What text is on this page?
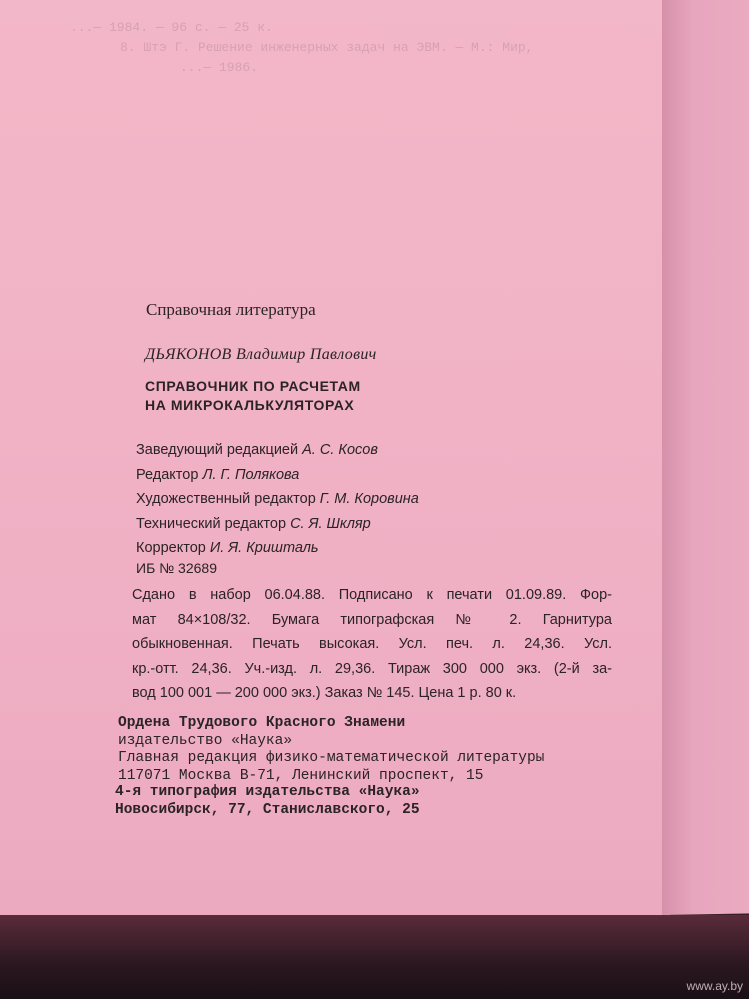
...— 1984. — 96 с. — 25 к.
8. Штэ Г. Решение инженерных задач на ЭВМ. — М.: Мир,
...— 1986.
Справочная литература
ДЬЯКОНОВ Владимир Павлович
СПРАВОЧНИК ПО РАСЧЕТАМ
НА МИКРОКАЛЬКУЛЯТОРАХ
Заведующий редакцией А. С. Косов
Редактор Л. Г. Полякова
Художественный редактор Г. М. Коровина
Технический редактор С. Я. Шкляр
Корректор И. Я. Кришталь
ИБ № 32689
Сдано в набор 06.04.88. Подписано к печати 01.09.89. Фор-
мат 84×108/32. Бумага типографская № 2. Гарнитура
обыкновенная. Печать высокая. Усл. печ. л. 24,36. Усл.
кр.-отт. 24,36. Уч.-изд. л. 29,36. Тираж 300 000 экз. (2-й за-
вод 100 001 — 200 000 экз.) Заказ № 145. Цена 1 р. 80 к.
Ордена Трудового Красного Знамени
издательство «Наука»
Главная редакция физико-математической литературы
117071 Москва В-71, Ленинский проспект, 15
4-я типография издательства «Наука»
Новосибирск, 77, Станиславского, 25
www.ay.by
